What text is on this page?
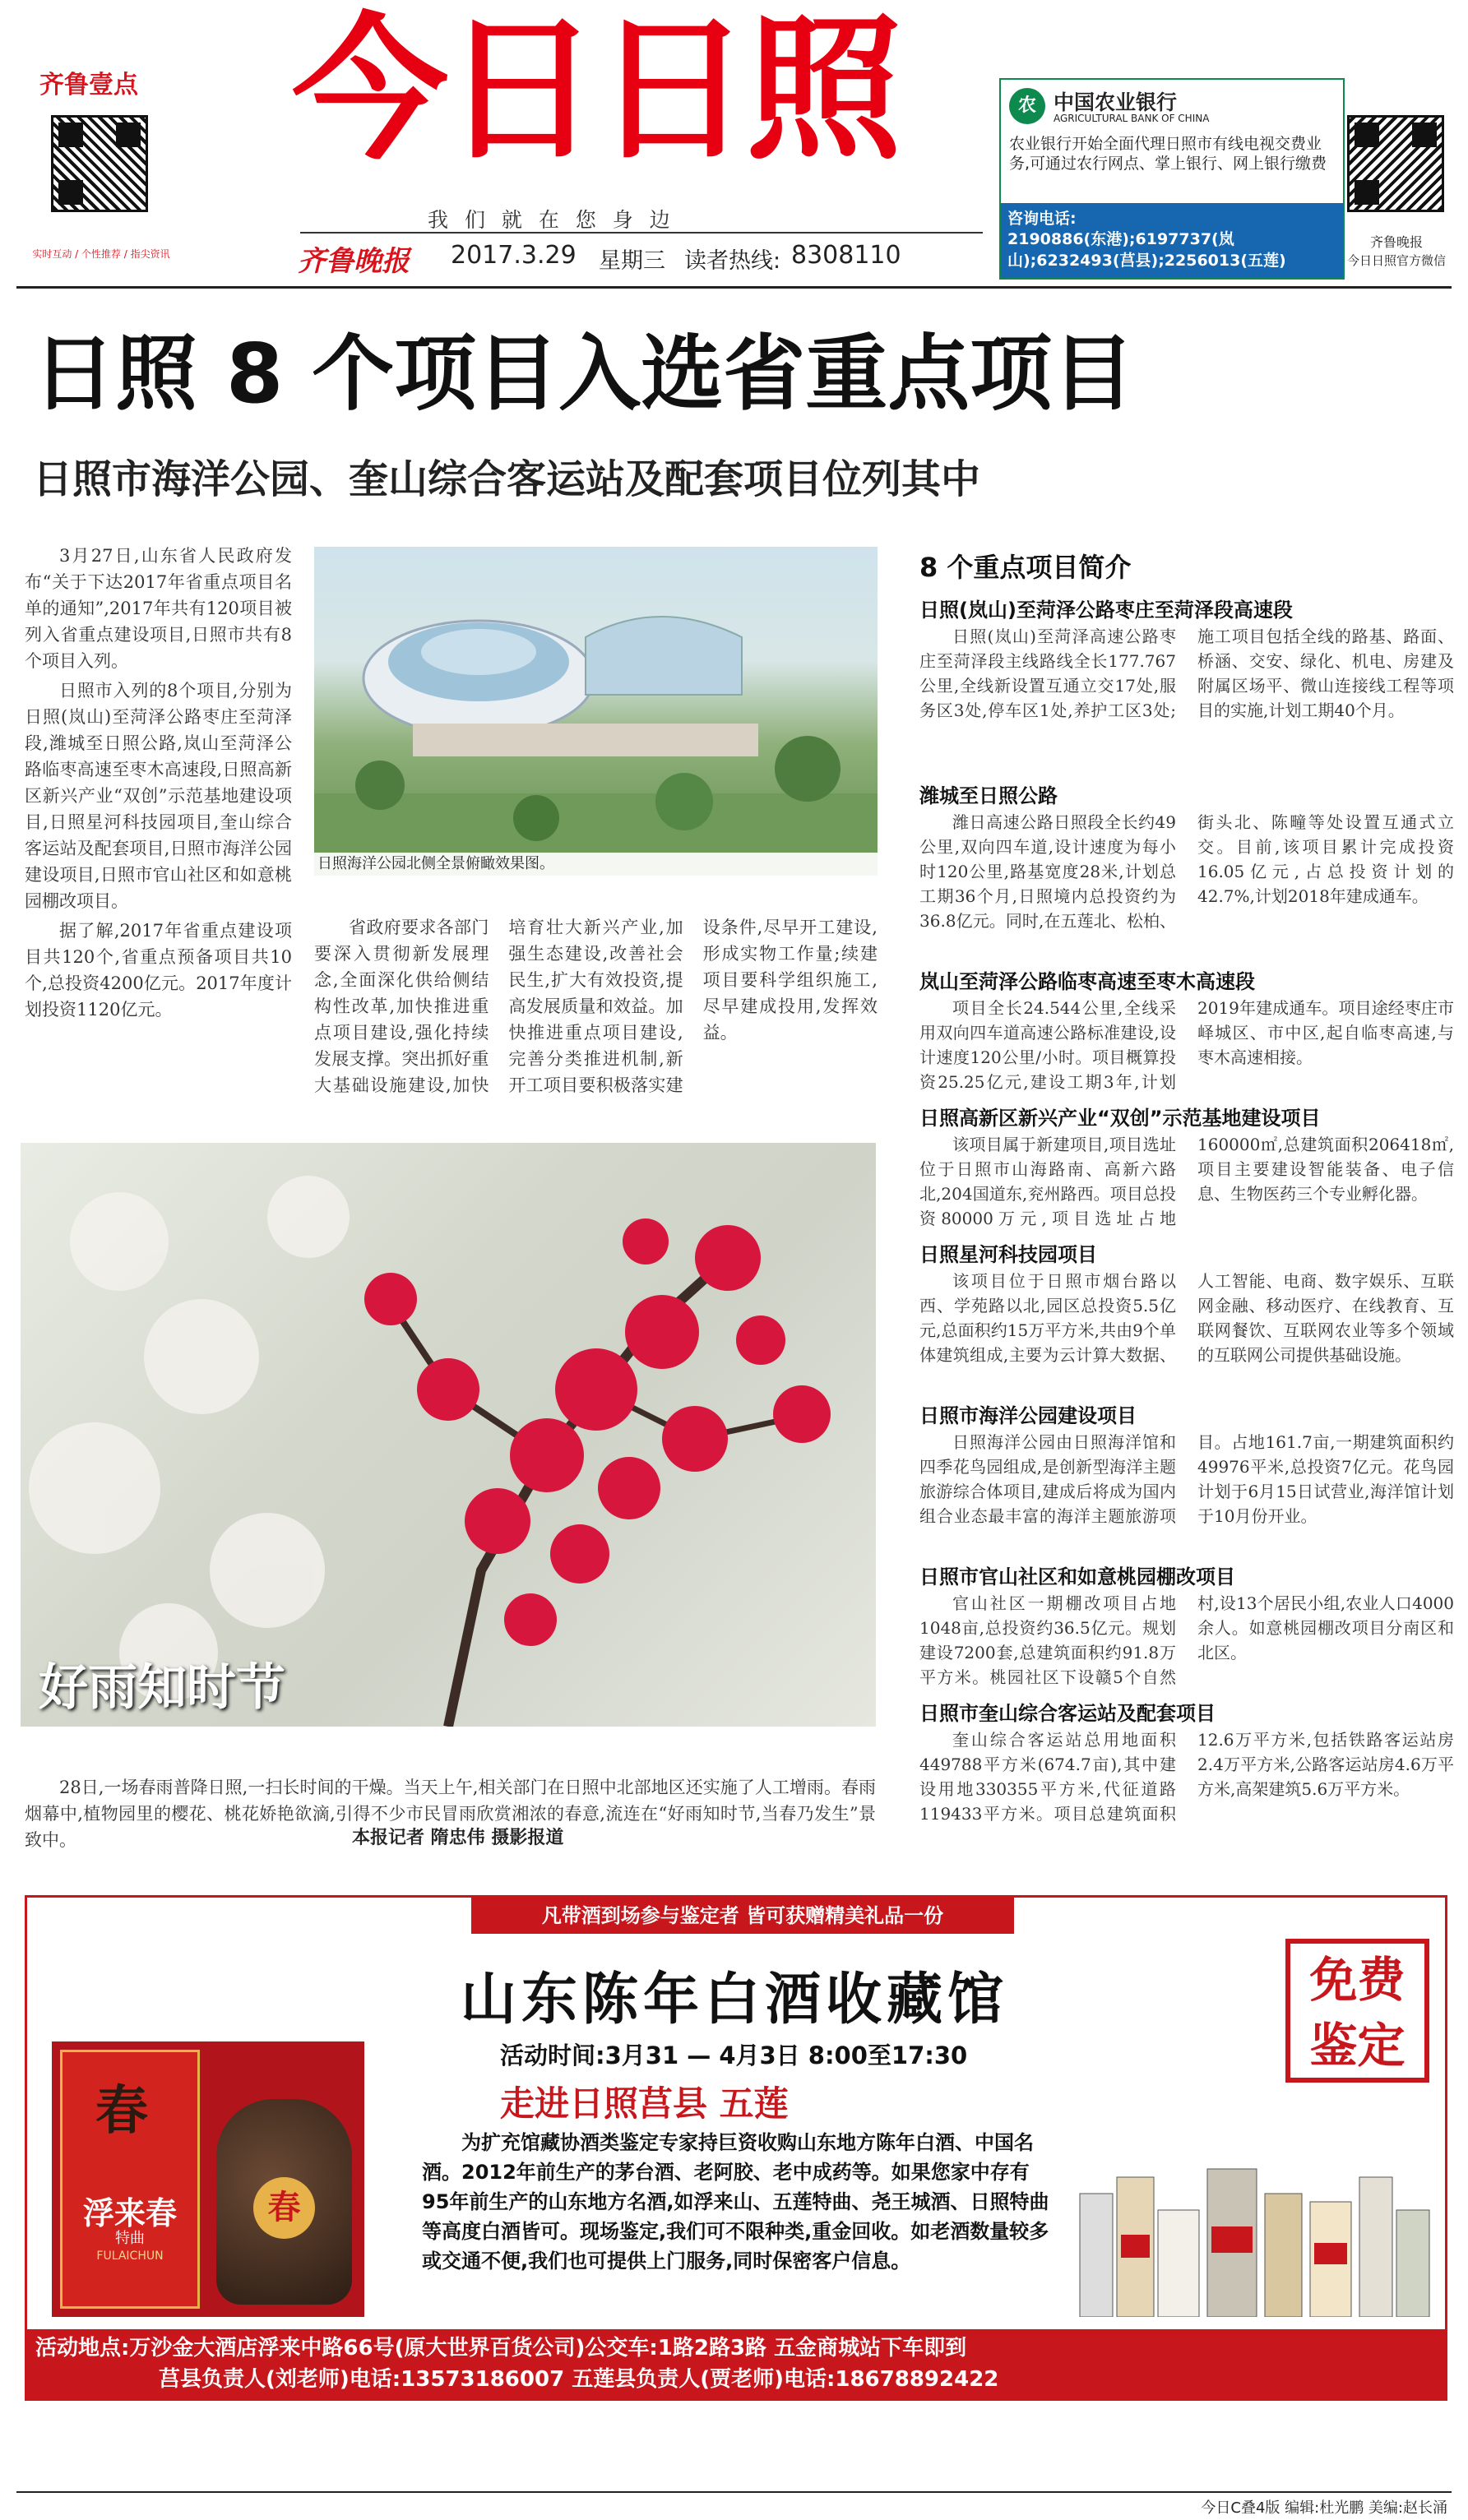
齐鲁壹点
实时互动 / 个性推荐 / 指尖资讯
今日日照
我 们 就 在 您 身 边
齐鲁晚报 2017.3.29 星期三 读者热线: 8308110
农 中国农业银行
AGRICULTURAL BANK OF CHINA
农业银行开始全面代理日照市有线电视交费业务,可通过农行网点、掌上银行、网上银行缴费
咨询电话:
2190886(东港);6197737(岚山);6232493(莒县);2256013(五莲)
齐鲁晚报
今日日照官方微信
日照 8 个项目入选省重点项目
日照市海洋公园、奎山综合客运站及配套项目位列其中

3月27日,山东省人民政府发布“关于下达2017年省重点项目名单的通知”,2017年共有120项目被列入省重点建设项目,日照市共有8个项目入列。

日照市入列的8个项目,分别为日照(岚山)至菏泽公路枣庄至菏泽段,潍城至日照公路,岚山至菏泽公路临枣高速至枣木高速段,日照高新区新兴产业“双创”示范基地建设项目,日照星河科技园项目,奎山综合客运站及配套项目,日照市海洋公园建设项目,日照市官山社区和如意桃园棚改项目。

据了解,2017年省重点建设项目共120个,省重点预备项目共10个,总投资4200亿元。2017年度计划投资1120亿元。

日照海洋公园北侧全景俯瞰效果图。

省政府要求各部门要深入贯彻新发展理念,全面深化供给侧结构性改革,加快推进重点项目建设,强化持续发展支撑。突出抓好重大基础设施建设,加快培育壮大新兴产业,加强生态建设,改善社会民生,扩大有效投资,提高发展质量和效益。加快推进重点项目建设,完善分类推进机制,新开工项目要积极落实建设条件,尽早开工建设,形成实物工作量;续建项目要科学组织施工,尽早建成投用,发挥效益。

好雨知时节

28日,一场春雨普降日照,一扫长时间的干燥。当天上午,相关部门在日照中北部地区还实施了人工增雨。春雨烟幕中,植物园里的樱花、桃花娇艳欲滴,引得不少市民冒雨欣赏湘浓的春意,流连在“好雨知时节,当春乃发生”景致中。	本报记者 隋忠伟 摄影报道
8 个重点项目简介
日照(岚山)至菏泽公路枣庄至菏泽段高速段
日照(岚山)至菏泽高速公路枣庄至菏泽段主线路线全长177.767公里,全线新设置互通立交17处,服务区3处,停车区1处,养护工区3处;施工项目包括全线的路基、路面、桥涵、交安、绿化、机电、房建及附属区场平、微山连接线工程等项目的实施,计划工期40个月。
潍城至日照公路
潍日高速公路日照段全长约49公里,双向四车道,设计速度为每小时120公里,路基宽度28米,计划总工期36个月,日照境内总投资约为36.8亿元。同时,在五莲北、松柏、街头北、陈疃等处设置互通式立交。目前,该项目累计完成投资16.05亿元,占总投资计划的42.7%,计划2018年建成通车。
岚山至菏泽公路临枣高速至枣木高速段
项目全长24.544公里,全线采用双向四车道高速公路标准建设,设计速度120公里/小时。项目概算投资25.25亿元,建设工期3年,计划2019年建成通车。项目途经枣庄市峄城区、市中区,起自临枣高速,与枣木高速相接。
日照高新区新兴产业“双创”示范基地建设项目
该项目属于新建项目,项目选址位于日照市山海路南、高新六路北,204国道东,兖州路西。项目总投资80000万元,项目选址占地160000㎡,总建筑面积206418㎡,项目主要建设智能装备、电子信息、生物医药三个专业孵化器。
日照星河科技园项目
该项目位于日照市烟台路以西、学苑路以北,园区总投资5.5亿元,总面积约15万平方米,共由9个单体建筑组成,主要为云计算大数据、人工智能、电商、数字娱乐、互联网金融、移动医疗、在线教育、互联网餐饮、互联网农业等多个领域的互联网公司提供基础设施。
日照市海洋公园建设项目
日照海洋公园由日照海洋馆和四季花鸟园组成,是创新型海洋主题旅游综合体项目,建成后将成为国内组合业态最丰富的海洋主题旅游项目。占地161.7亩,一期建筑面积约49976平米,总投资7亿元。花鸟园计划于6月15日试营业,海洋馆计划于10月份开业。
日照市官山社区和如意桃园棚改项目
官山社区一期棚改项目占地1048亩,总投资约36.5亿元。规划建设7200套,总建筑面积约91.8万平方米。桃园社区下设赣5个自然村,设13个居民小组,农业人口4000余人。如意桃园棚改项目分南区和北区。
日照市奎山综合客运站及配套项目
奎山综合客运站总用地面积449788平方米(674.7亩),其中建设用地330355平方米,代征道路119433平方米。项目总建筑面积12.6万平方米,包括铁路客运站房2.4万平方米,公路客运站房4.6万平方米,高架建筑5.6万平方米。
凡带酒到场参与鉴定者 皆可获赠精美礼品一份
山东陈年白酒收藏馆
活动时间:3月31 — 4月3日 8:00至17:30
走进日照莒县 五莲
免费鉴定
春
浮来春
特曲
FULAICHUN
春
为扩充馆藏协酒类鉴定专家持巨资收购山东地方陈年白酒、中国名酒。2012年前生产的茅台酒、老阿胶、老中成药等。如果您家中存有95年前生产的山东地方名酒,如浮来山、五莲特曲、尧王城酒、日照特曲等高度白酒皆可。现场鉴定,我们可不限种类,重金回收。如老酒数量较多或交通不便,我们也可提供上门服务,同时保密客户信息。
活动地点:万沙金大酒店浮来中路66号(原大世界百货公司)公交车:1路2路3路 五金商城站下车即到
莒县负责人(刘老师)电话:13573186007 五莲县负责人(贾老师)电话:18678892422
今日C叠4版 编辑:杜光鹏 美编:赵长涌
